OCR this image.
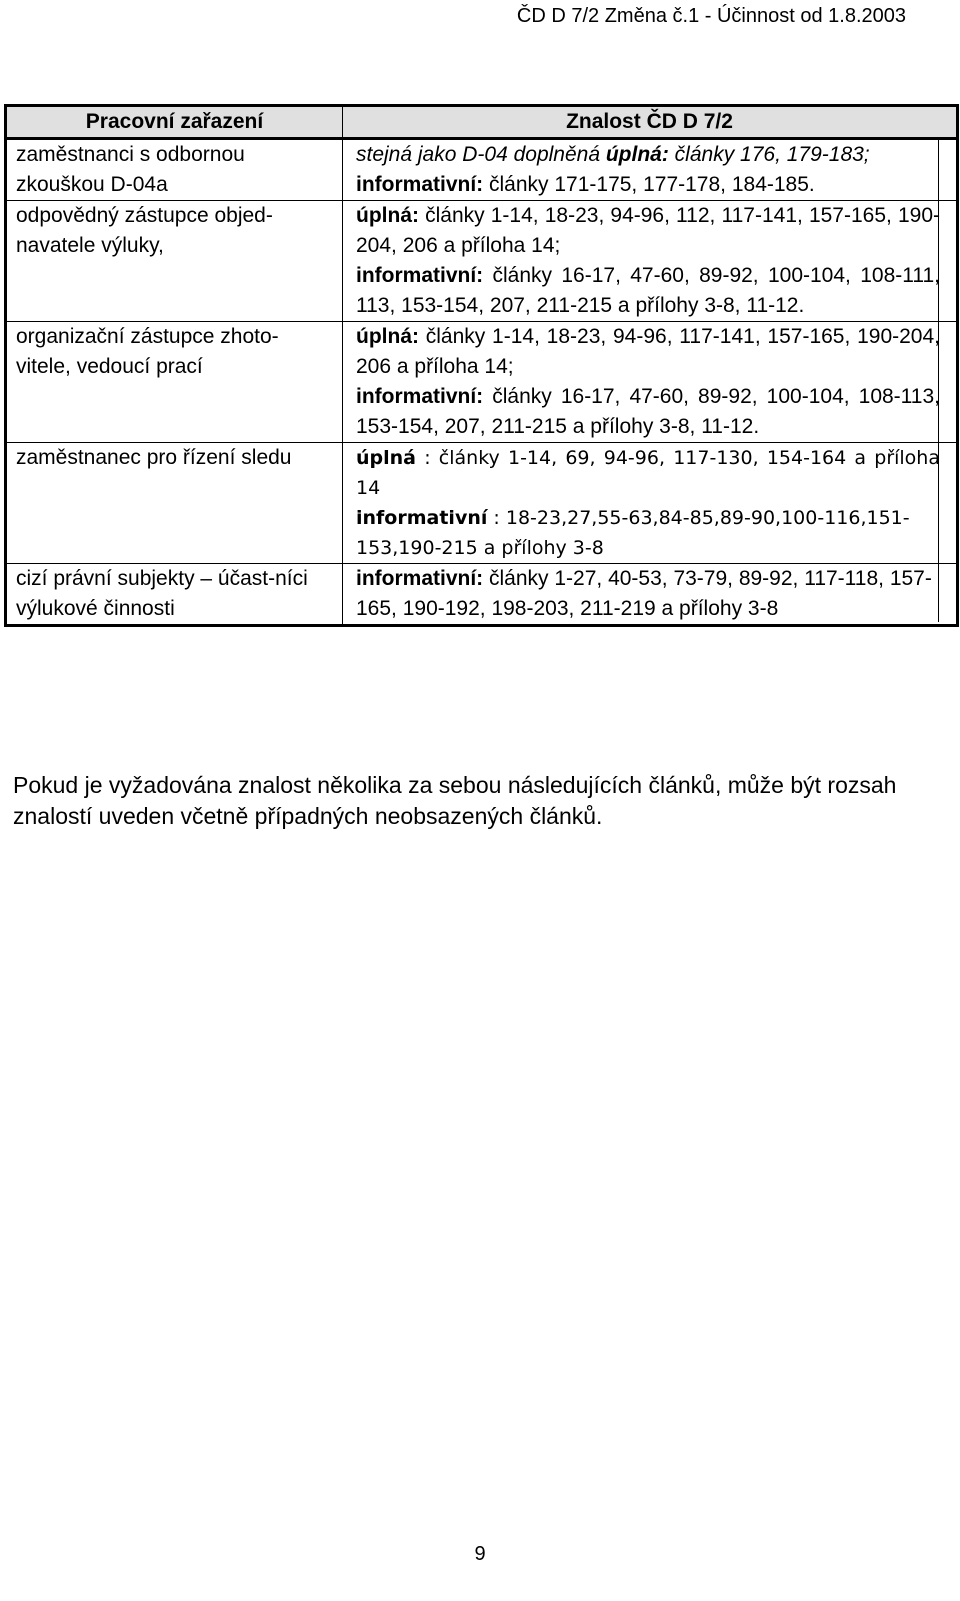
ČD D 7/2 Změna č.1 - Účinnost od 1.8.2003
Pracovní zařazení	Znalost ČD D 7/2
zaměstnanci s odbornou zkouškou D-04a	stejná jako D-04 doplněná úplná: články 176, 179-183;
informativní: články 171-175, 177-178, 184-185.

odpovědný zástupce objed-navatele výluky,	úplná: články 1-14, 18-23, 94-96, 112, 117-141, 157-165, 190-204, 206 a příloha 14;
informativní: články 16-17, 47-60, 89-92, 100-104, 108-111, 113, 153-154, 207, 211-215 a přílohy 3-8, 11-12.

organizační zástupce zhoto-vitele, vedoucí prací	úplná: články 1-14, 18-23, 94-96, 117-141, 157-165, 190-204, 206 a příloha 14;
informativní: články 16-17, 47-60, 89-92, 100-104, 108-113, 153-154, 207, 211-215 a přílohy 3-8, 11-12.

zaměstnanec pro řízení sledu	úplná : články 1-14, 69, 94-96, 117-130, 154-164 a příloha 14
informativní : 18-23,27,55-63,84-85,89-90,100-116,151-153,190-215 a přílohy 3-8

cizí právní subjekty – účast-níci výlukové činnosti	informativní: články 1-27, 40-53, 73-79, 89-92, 117-118, 157-165, 190-192, 198-203, 211-219 a přílohy 3-8
Pokud je vyžadována znalost několika za sebou následujících článků, může být rozsah znalostí uveden včetně případných neobsazených článků.
9
